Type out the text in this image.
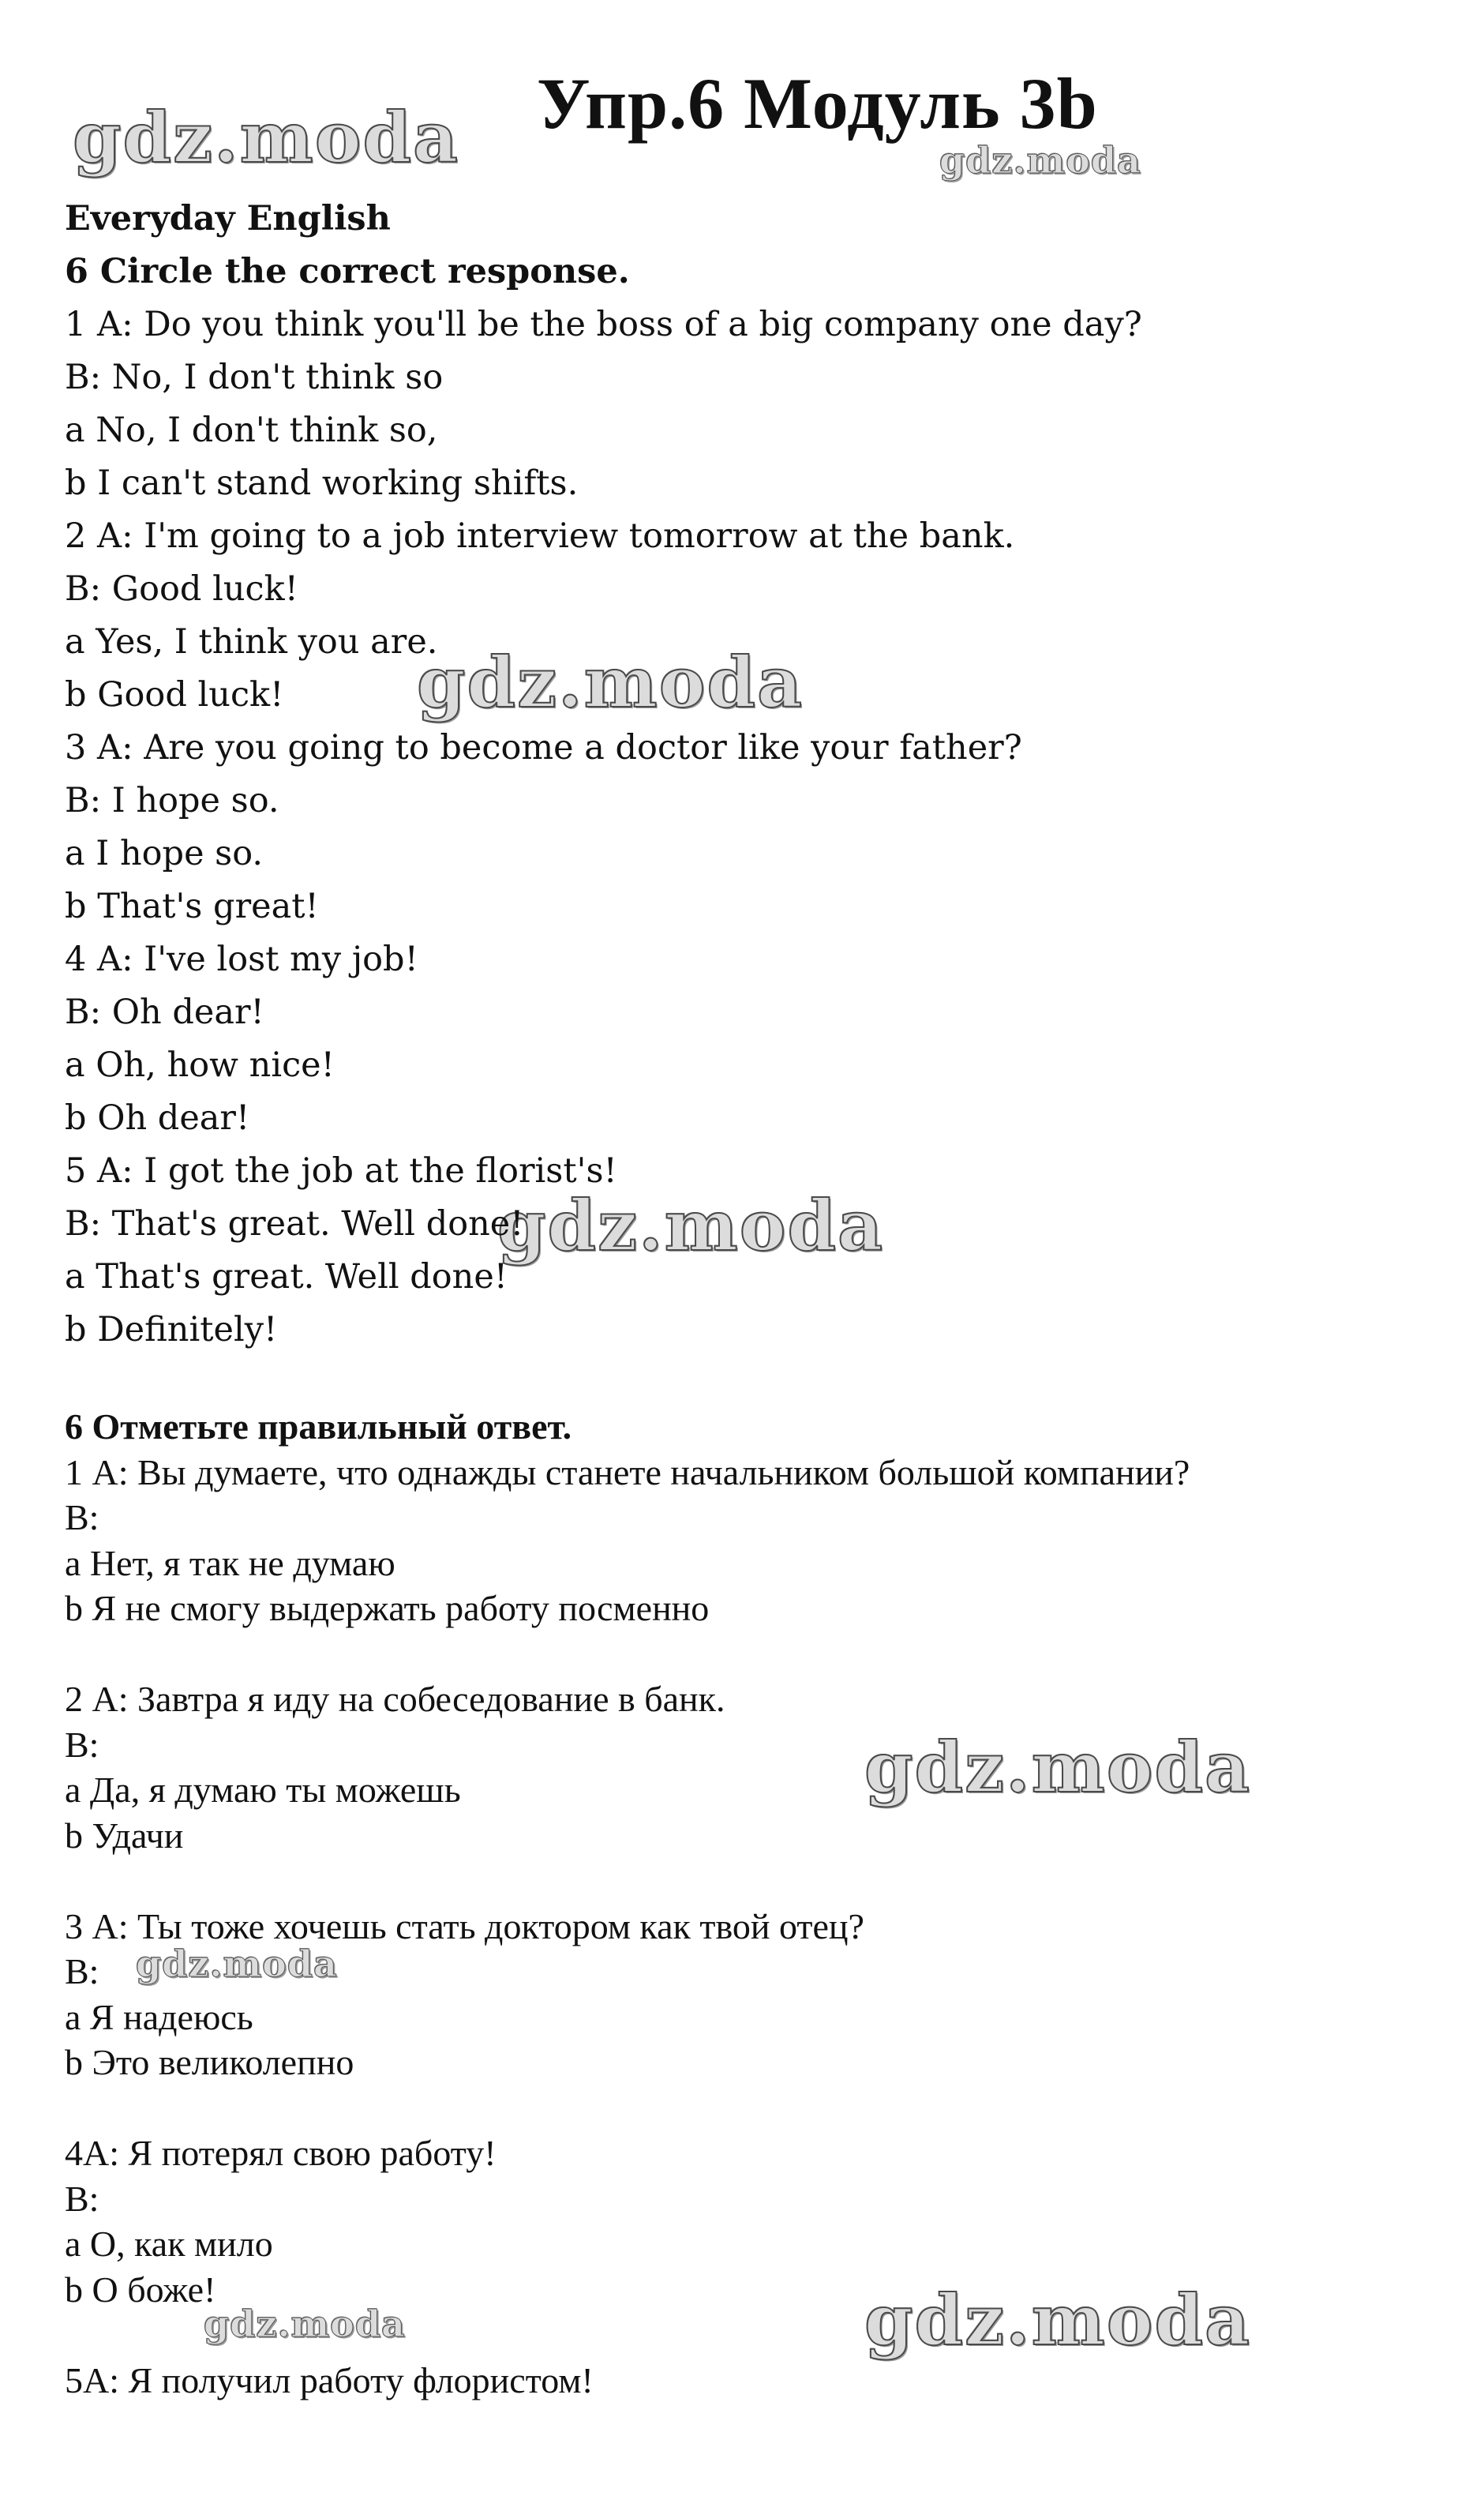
Упр.6 Модуль 3b
gdz.moda	gdz.moda
gdz.moda
gdz.moda
gdz.moda
gdz.moda
gdz.moda	gdz.moda
Everyday English
6 Circle the correct response.
1 A: Do you think you'll be the boss of a big company one day?
B: No, I don't think so
a No, I don't think so,
b I can't stand working shifts.
2 A: I'm going to a job interview tomorrow at the bank.
B: Good luck!
a Yes, I think you are.
b Good luck!
3 A: Are you going to become a doctor like your father?
B: I hope so.
a I hope so.
b That's great!
4 A: I've lost my job!
B: Oh dear!
a Oh, how nice!
b Oh dear!
5 A: I got the job at the florist's!
B: That's great. Well done!
a That's great. Well done!
b Definitely!
6 Отметьте правильный ответ.
1 А: Вы думаете, что однажды станете начальником большой компании?
В:
a Нет, я так не думаю
b Я не смогу выдержать работу посменно
2 А: Завтра я иду на собеседование в банк.
В:
a Да, я думаю ты можешь
b Удачи
3 А: Ты тоже хочешь стать доктором как твой отец?
В:
a Я надеюсь
b Это великолепно
4А: Я потерял свою работу!
В:
a О, как мило
b О боже!
5А: Я получил работу флористом!
